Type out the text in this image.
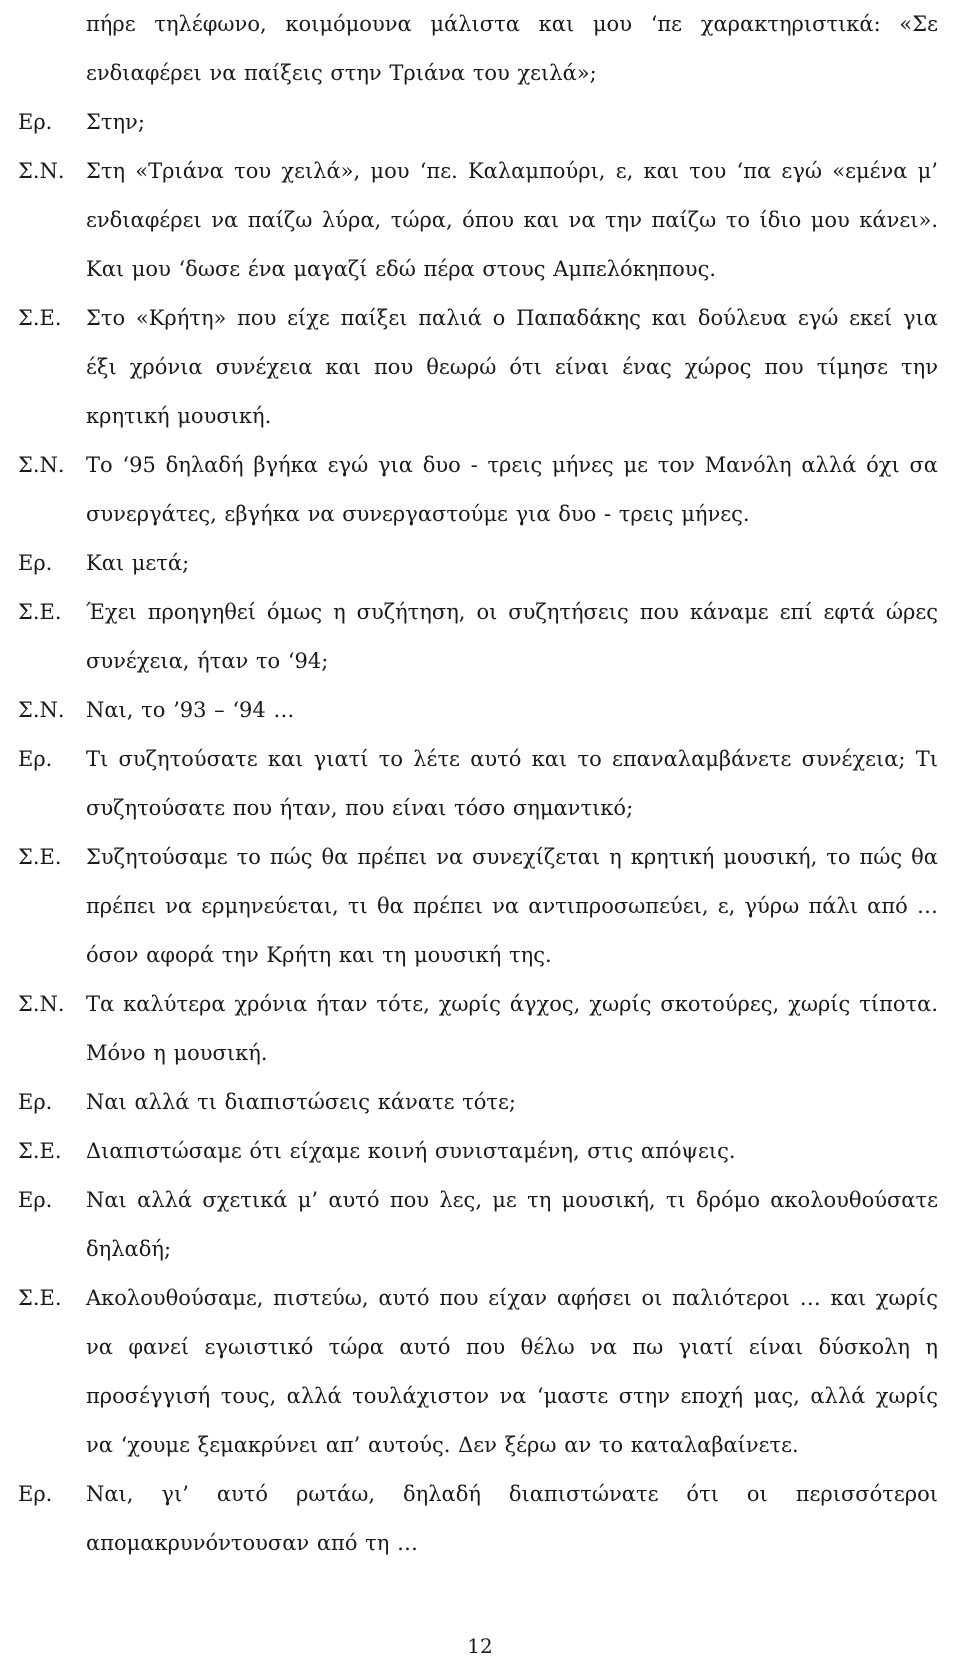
πήρε τηλέφωνο, κοιμόμουνα μάλιστα και μου ‘πε χαρακτηριστικά: «Σε ενδιαφέρει να παίξεις στην Τριάνα του χειλά»;
Ερ.	Στην;
Σ.Ν.	Στη «Τριάνα του χειλά», μου ‘πε. Καλαμπούρι, ε, και του ‘πα εγώ «εμένα μ’ ενδιαφέρει να παίζω λύρα, τώρα, όπου και να την παίζω το ίδιο μου κάνει». Και μου ‘δωσε ένα μαγαζί εδώ πέρα στους Αμπελόκηπους.
Σ.Ε.	Στο «Κρήτη» που είχε παίξει παλιά ο Παπαδάκης και δούλευα εγώ εκεί για έξι χρόνια συνέχεια και που θεωρώ ότι είναι ένας χώρος που τίμησε την κρητική μουσική.
Σ.Ν.	Το ‘95 δηλαδή βγήκα εγώ για δυο - τρεις μήνες με τον Μανόλη αλλά όχι σα συνεργάτες, εβγήκα να συνεργαστούμε για δυο - τρεις μήνες.
Ερ.	Και μετά;
Σ.Ε.	Έχει προηγηθεί όμως η συζήτηση, οι συζητήσεις που κάναμε επί εφτά ώρες συνέχεια, ήταν το ‘94;
Σ.Ν.	Ναι, το ’93 – ‘94 …
Ερ.	Τι συζητούσατε και γιατί το λέτε αυτό και το επαναλαμβάνετε συνέχεια; Τι συζητούσατε που ήταν, που είναι τόσο σημαντικό;
Σ.Ε.	Συζητούσαμε το πώς θα πρέπει να συνεχίζεται η κρητική μουσική, το πώς θα πρέπει να ερμηνεύεται, τι θα πρέπει να αντιπροσωπεύει, ε, γύρω πάλι από … όσον αφορά την Κρήτη και τη μουσική της.
Σ.Ν.	Τα καλύτερα χρόνια ήταν τότε, χωρίς άγχος, χωρίς σκοτούρες, χωρίς τίποτα. Μόνο η μουσική.
Ερ.	Ναι αλλά τι διαπιστώσεις κάνατε τότε;
Σ.Ε.	Διαπιστώσαμε ότι είχαμε κοινή συνισταμένη, στις απόψεις.
Ερ.	Ναι αλλά σχετικά μ’ αυτό που λες, με τη μουσική, τι δρόμο ακολουθούσατε δηλαδή;
Σ.Ε.	Ακολουθούσαμε, πιστεύω, αυτό που είχαν αφήσει οι παλιότεροι … και χωρίς να φανεί εγωιστικό τώρα αυτό που θέλω να πω γιατί είναι δύσκολη η προσέγγισή τους, αλλά τουλάχιστον να ‘μαστε στην εποχή μας, αλλά χωρίς να ‘χουμε ξεμακρύνει απ’ αυτούς. Δεν ξέρω αν το καταλαβαίνετε.
Ερ.	Ναι, γι’ αυτό ρωτάω, δηλαδή διαπιστώνατε ότι οι περισσότεροι απομακρυνόντουσαν από τη …
12
